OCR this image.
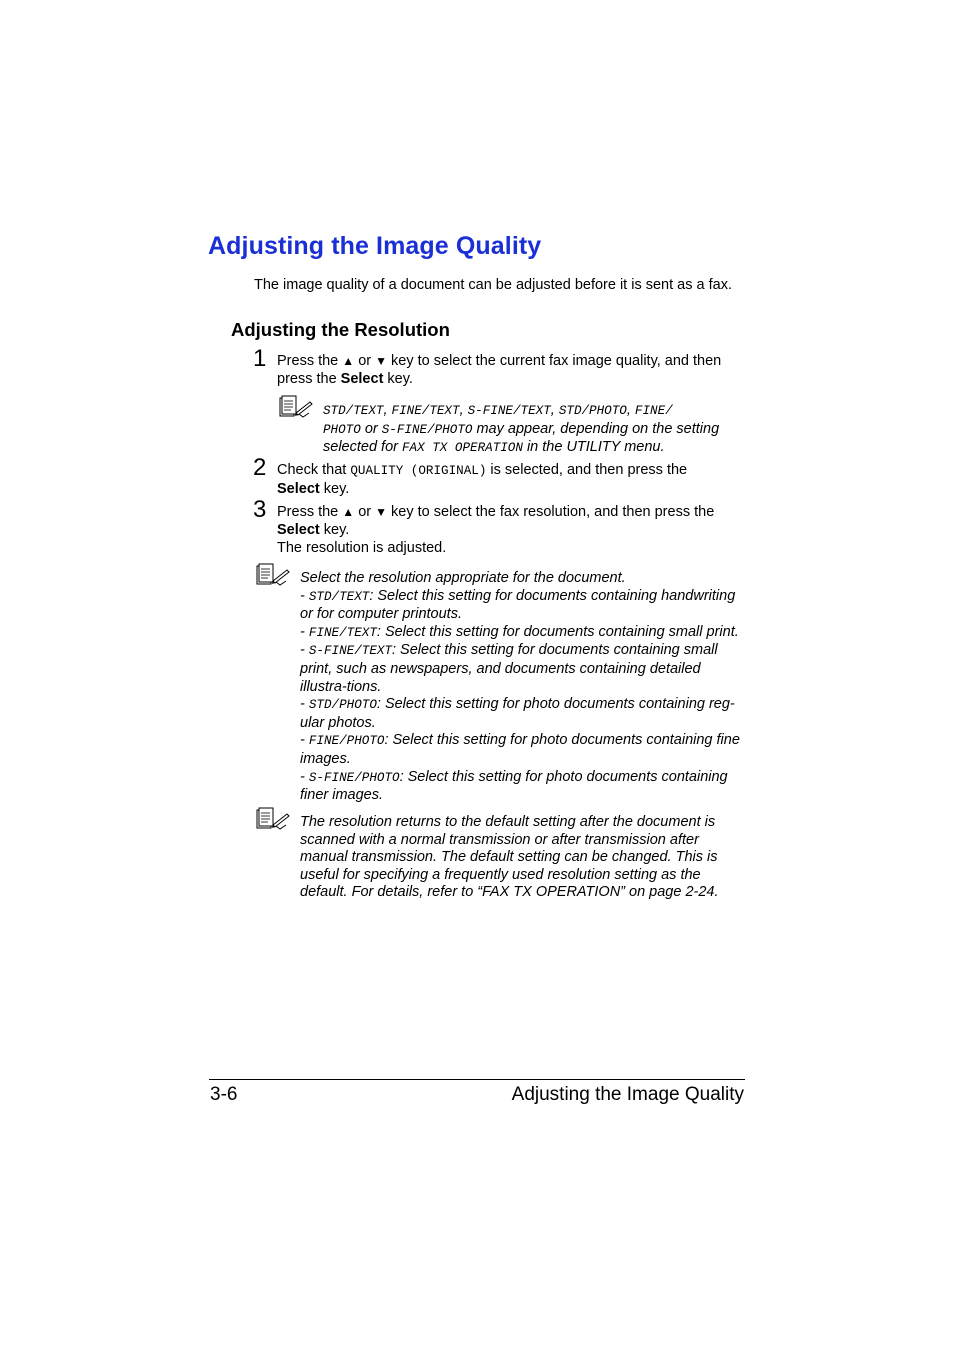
Adjusting the Image Quality
The image quality of a document can be adjusted before it is sent as a fax.
Adjusting the Resolution
1 Press the ▲ or ▼ key to select the current fax image quality, and then press the Select key.
STD/TEXT, FINE/TEXT, S-FINE/TEXT, STD/PHOTO, FINE/
PHOTO or S-FINE/PHOTO may appear, depending on the setting selected for FAX TX OPERATION in the UTILITY menu.
2 Check that QUALITY (ORIGINAL) is selected, and then press the Select key.
3 Press the ▲ or ▼ key to select the fax resolution, and then press the Select key.
The resolution is adjusted.
Select the resolution appropriate for the document.
- STD/TEXT: Select this setting for documents containing handwriting or for computer printouts.
- FINE/TEXT: Select this setting for documents containing small print.
- S-FINE/TEXT: Select this setting for documents containing small print, such as newspapers, and documents containing detailed illustra-tions.
- STD/PHOTO: Select this setting for photo documents containing reg-ular photos.
- FINE/PHOTO: Select this setting for photo documents containing fine images.
- S-FINE/PHOTO: Select this setting for photo documents containing finer images.
The resolution returns to the default setting after the document is scanned with a normal transmission or after transmission after manual transmission. The default setting can be changed. This is useful for specifying a frequently used resolution setting as the default. For details, refer to “FAX TX OPERATION” on page 2-24.
3-6	Adjusting the Image Quality
